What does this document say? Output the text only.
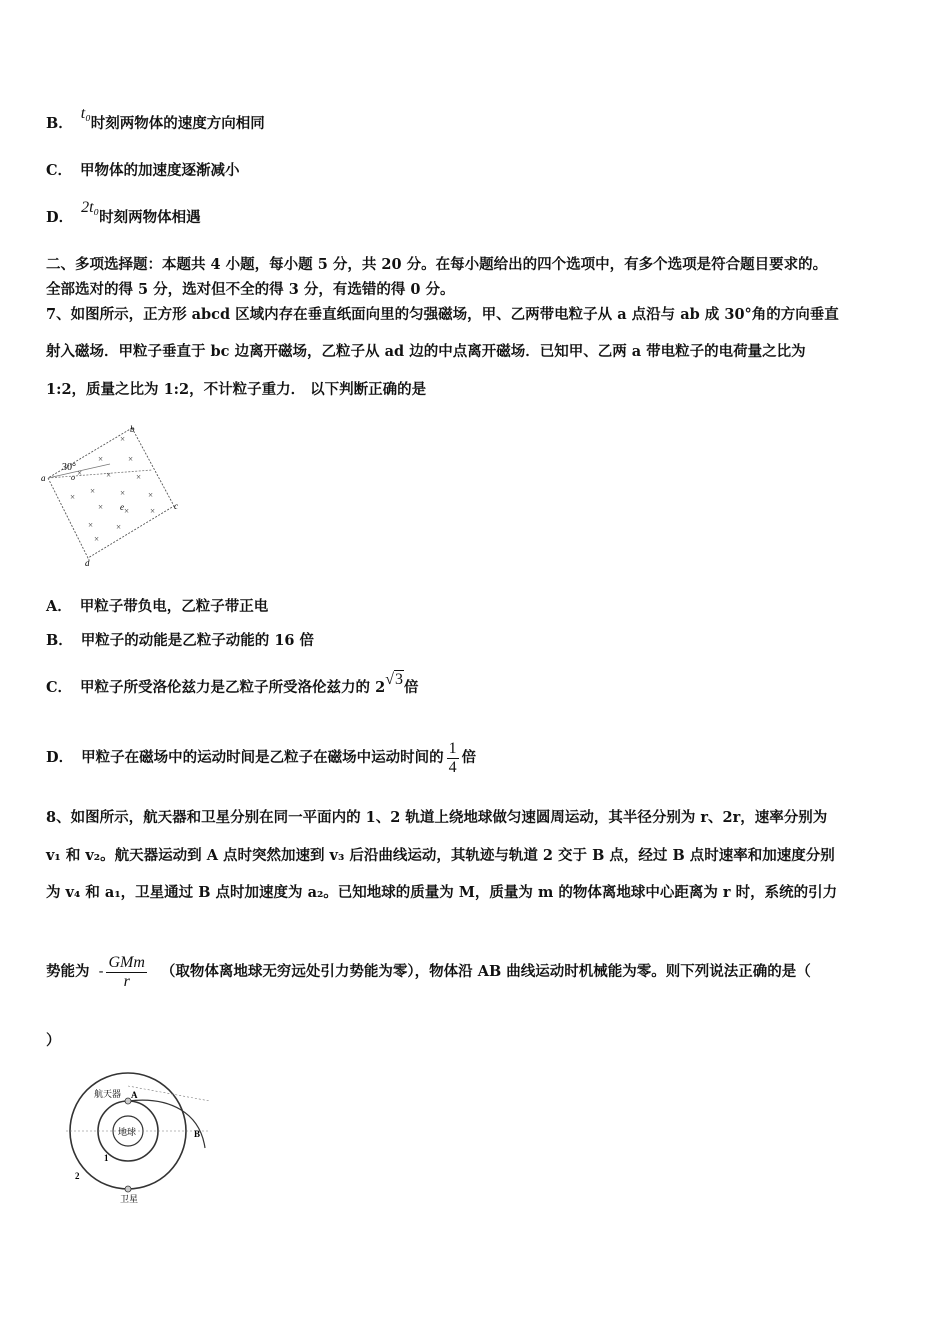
B．t₀时刻两物体的速度方向相同
C． 甲物体的加速度逐渐减小
D．2t₀时刻两物体相遇
二、多项选择题：本题共 4 小题，每小题 5 分，共 20 分。在每小题给出的四个选项中，有多个选项是符合题目要求的。
全部选对的得 5 分，选对但不全的得 3 分，有选错的得 0 分。
7、如图所示，正方形 abcd 区域内存在垂直纸面向里的匀强磁场，甲、乙两带电粒子从 a 点沿与 ab 成 30°角的方向垂直
射入磁场．甲粒子垂直于 bc 边离开磁场，乙粒子从 ad 边的中点离开磁场．已知甲、乙两 a 带电粒子的电荷量之比为
1:2，质量之比为 1:2，不计粒子重力． 以下判断正确的是
b
a
c
d
30°
o
e
×
×	×
×	×	×
×	×	×
×
× × ×
×	×
×
A． 甲粒子带负电，乙粒子带正电
B． 甲粒子的动能是乙粒子动能的 16 倍
C． 甲粒子所受洛伦兹力是乙粒子所受洛伦兹力的 2√3倍
D． 甲粒子在磁场中的运动时间是乙粒子在磁场中运动时间的 $\frac{1}{4}$ 倍
8、如图所示，航天器和卫星分别在同一平面内的 1、2 轨道上绕地球做匀速圆周运动，其半径分别为 r、2r，速率分别为
v₁ 和 v₂。航天器运动到 A 点时突然加速到 v₃ 后沿曲线运动，其轨迹与轨道 2 交于 B 点，经过 B 点时速率和加速度分别
为 v₄ 和 a₁，卫星通过 B 点时加速度为 a₂。已知地球的质量为 M，质量为 m 的物体离地球中心距离为 r 时，系统的引力
势能为 - $\frac{\text{GMm}}{r}$ （取物体离地球无穷远处引力势能为零），物体沿 AB 曲线运动时机械能为零。则下列说法正确的是（
）
航天器 A
B
地球
1
2
卫星
